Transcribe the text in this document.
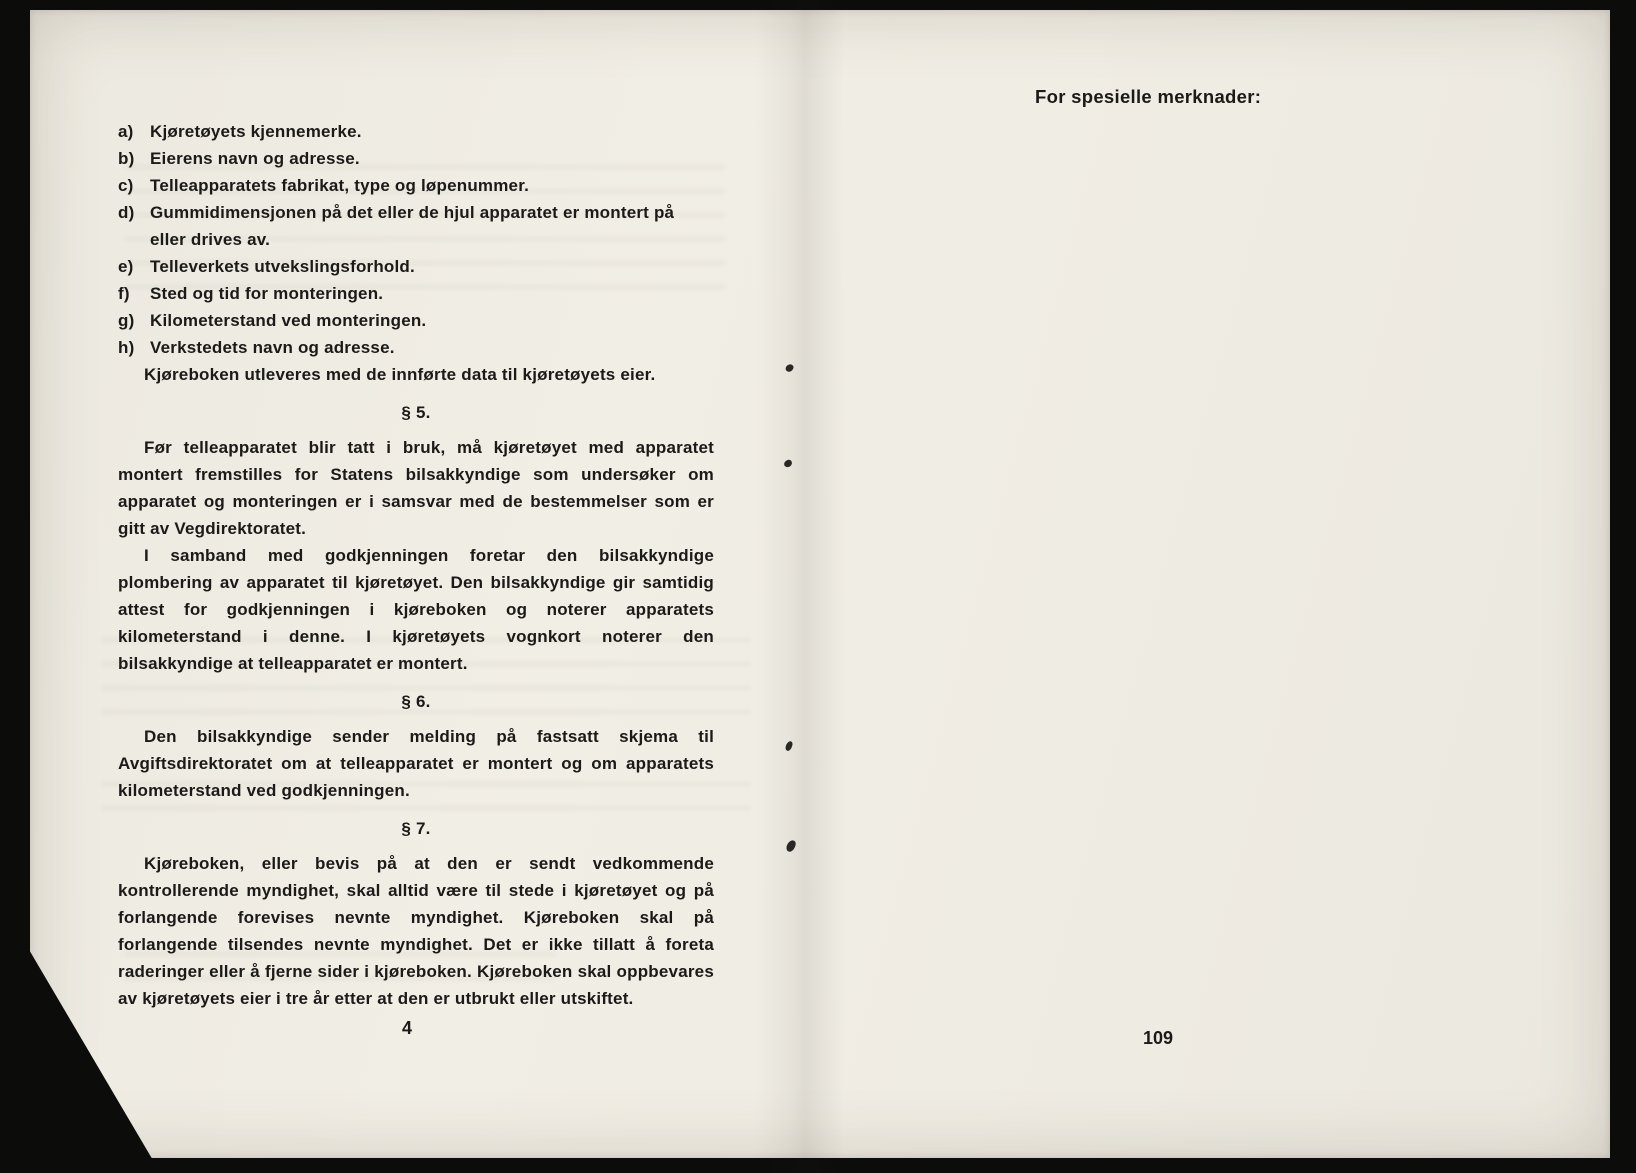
a) Kjøretøyets kjennemerke.
b) Eierens navn og adresse.
c) Telleapparatets fabrikat, type og løpenummer.
d) Gummidimensjonen på det eller de hjul apparatet er montert på eller drives av.
e) Telleverkets utvekslingsforhold.
f)	Sted og tid for monteringen.
g) Kilometerstand ved monteringen.
h) Verkstedets navn og adresse.

Kjøreboken utleveres med de innførte data til kjøretøyets eier.

§ 5.

Før telleapparatet blir tatt i bruk, må kjøretøyet med apparatet montert fremstilles for Statens bilsakkyndige som undersøker om apparatet og monteringen er i samsvar med de bestemmelser som er gitt av Vegdirektoratet.

I samband med godkjenningen foretar den bilsakkyndige plombering av apparatet til kjøretøyet. Den bilsakkyndige gir samtidig attest for godkjenningen i kjøreboken og noterer apparatets kilometerstand i denne. I kjøretøyets vognkort noterer den bilsakkyndige at telleapparatet er montert.

§ 6.

Den bilsakkyndige sender melding på fastsatt skjema til Avgiftsdirektoratet om at telleapparatet er montert og om apparatets kilometerstand ved godkjenningen.

§ 7.

Kjøreboken, eller bevis på at den er sendt vedkommende kontrollerende myndighet, skal alltid være til stede i kjøretøyet og på forlangende forevises nevnte myndighet. Kjøreboken skal på forlangende tilsendes nevnte myndighet. Det er ikke tillatt å foreta raderinger eller å fjerne sider i kjøreboken. Kjøreboken skal oppbevares av kjøretøyets eier i tre år etter at den er utbrukt eller utskiftet.

For spesielle merknader:
4	109
